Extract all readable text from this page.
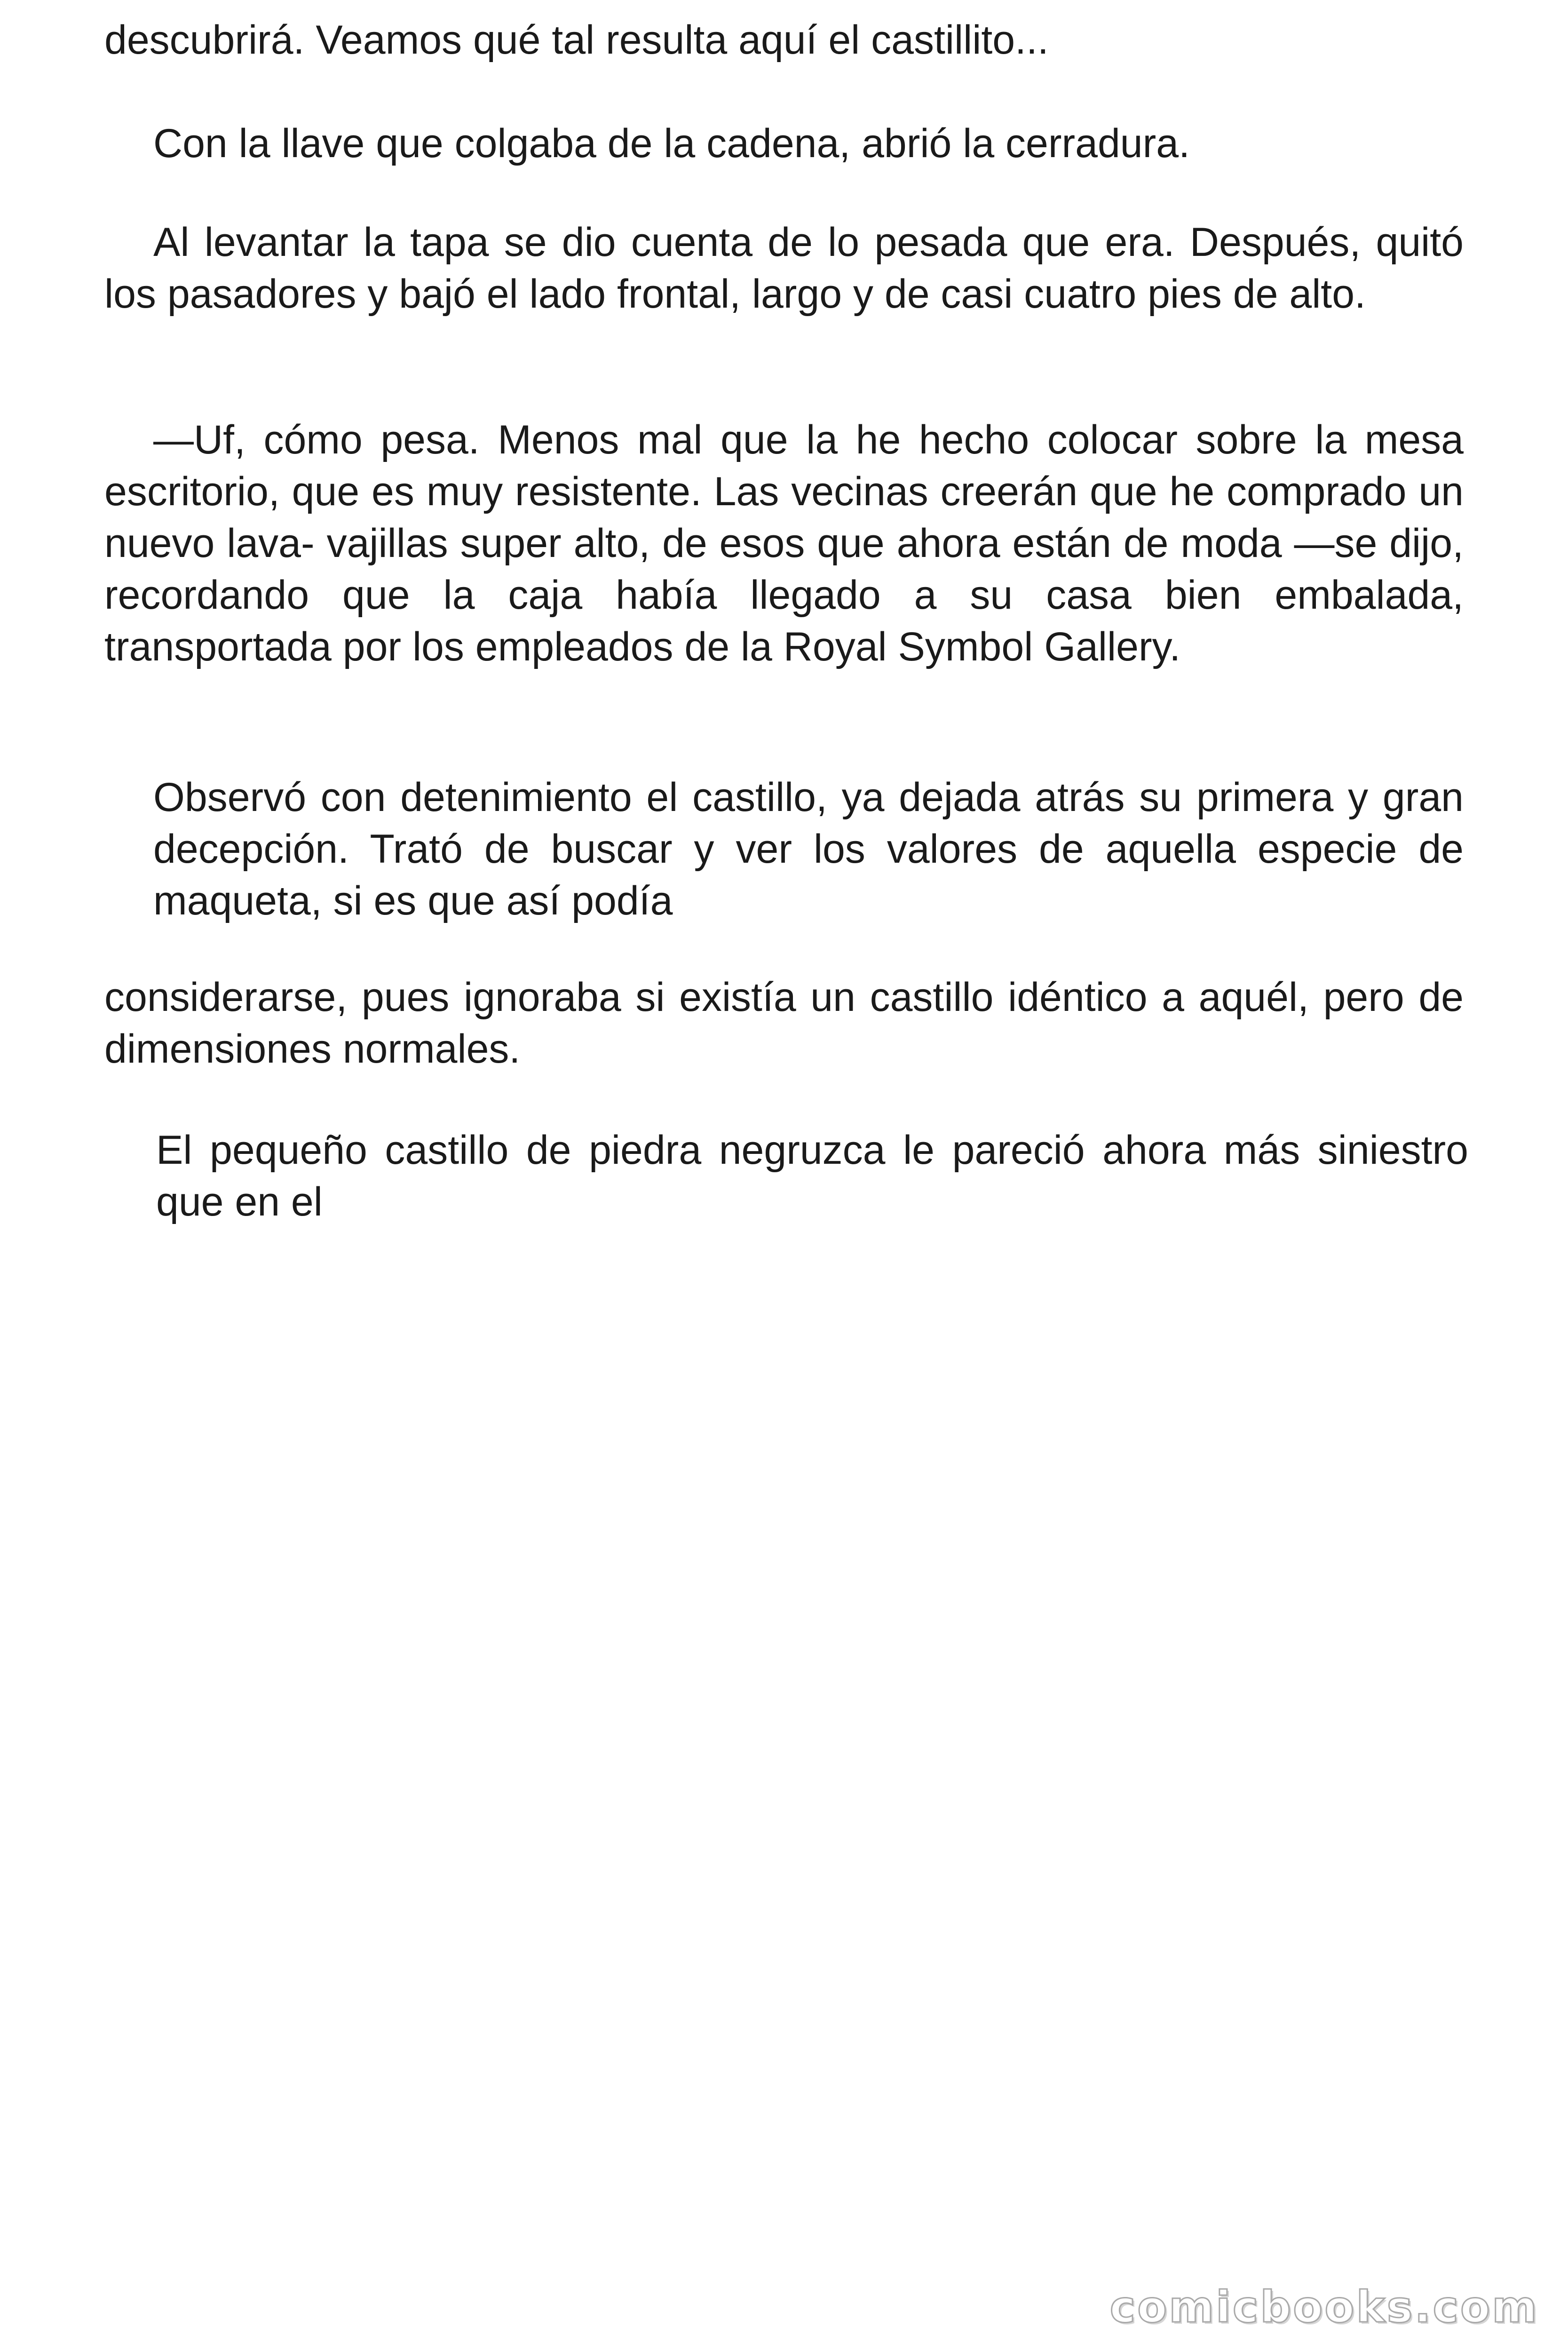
descubrirá. Veamos qué tal resulta aquí el castillito...

Con la llave que colgaba de la cadena, abrió la cerradura.

Al levantar la tapa se dio cuenta de lo pesada que era. Después, quitó los pasadores y bajó el lado frontal, largo y de casi cuatro pies de alto.

—Uf, cómo pesa. Menos mal que la he hecho colocar sobre la mesa escritorio, que es muy resistente. Las vecinas creerán que he comprado un nuevo lava- vajillas super alto, de esos que ahora están de moda —se dijo, recordando que la caja había llegado a su casa bien embalada, transportada por los empleados de la Royal Symbol Gallery.

Observó con detenimiento el castillo, ya dejada atrás su primera y gran decepción. Trató de buscar y ver los valores de aquella especie de maqueta, si es que así podía

considerarse, pues ignoraba si existía un castillo idéntico a aquél, pero de dimensiones normales.

El pequeño castillo de piedra negruzca le pareció ahora más siniestro que en el

comicbooks.com
